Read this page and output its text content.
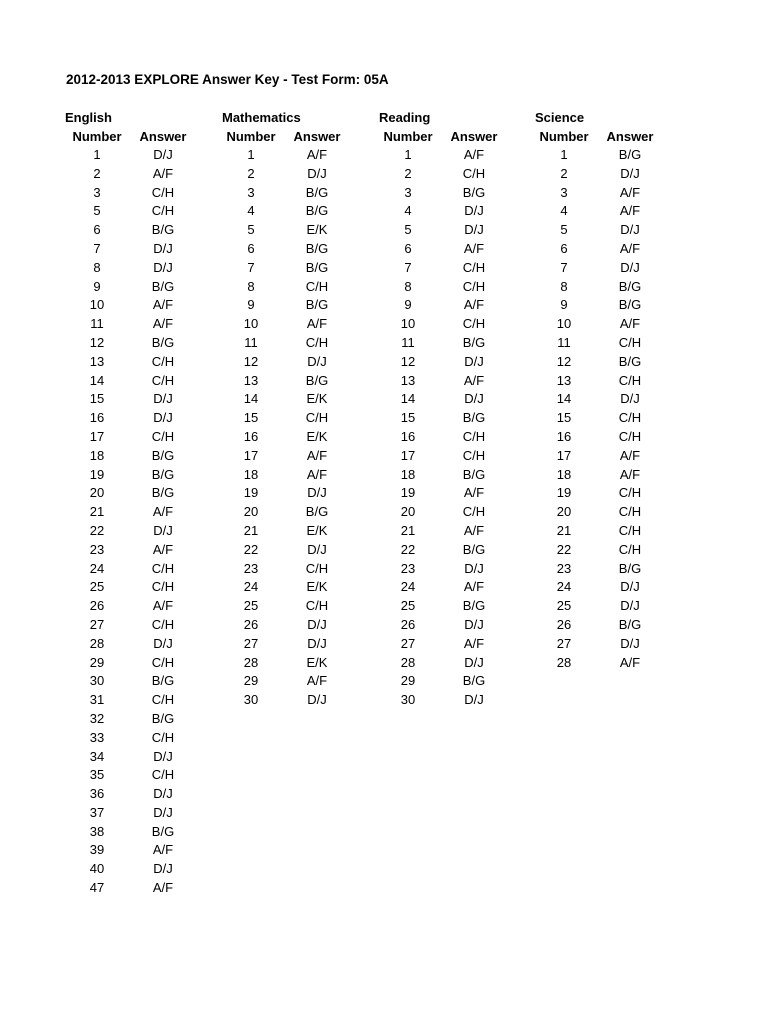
2012-2013 EXPLORE Answer Key - Test Form: 05A
English
Number	Answer
1	D/J
2	A/F
3	C/H
5	C/H
6	B/G
7	D/J
8	D/J
9	B/G
10	A/F
11	A/F
12	B/G
13	C/H
14	C/H
15	D/J
16	D/J
17	C/H
18	B/G
19	B/G
20	B/G
21	A/F
22	D/J
23	A/F
24	C/H
25	C/H
26	A/F
27	C/H
28	D/J
29	C/H
30	B/G
31	C/H
32	B/G
33	C/H
34	D/J
35	C/H
36	D/J
37	D/J
38	B/G
39	A/F
40	D/J
47	A/F
Mathematics
Number	Answer
1	A/F
2	D/J
3	B/G
4	B/G
5	E/K
6	B/G
7	B/G
8	C/H
9	B/G
10	A/F
11	C/H
12	D/J
13	B/G
14	E/K
15	C/H
16	E/K
17	A/F
18	A/F
19	D/J
20	B/G
21	E/K
22	D/J
23	C/H
24	E/K
25	C/H
26	D/J
27	D/J
28	E/K
29	A/F
30	D/J
Reading
Number	Answer
1	A/F
2	C/H
3	B/G
4	D/J
5	D/J
6	A/F
7	C/H
8	C/H
9	A/F
10	C/H
11	B/G
12	D/J
13	A/F
14	D/J
15	B/G
16	C/H
17	C/H
18	B/G
19	A/F
20	C/H
21	A/F
22	B/G
23	D/J
24	A/F
25	B/G
26	D/J
27	A/F
28	D/J
29	B/G
30	D/J
Science
Number	Answer
1	B/G
2	D/J
3	A/F
4	A/F
5	D/J
6	A/F
7	D/J
8	B/G
9	B/G
10	A/F
11	C/H
12	B/G
13	C/H
14	D/J
15	C/H
16	C/H
17	A/F
18	A/F
19	C/H
20	C/H
21	C/H
22	C/H
23	B/G
24	D/J
25	D/J
26	B/G
27	D/J
28	A/F
